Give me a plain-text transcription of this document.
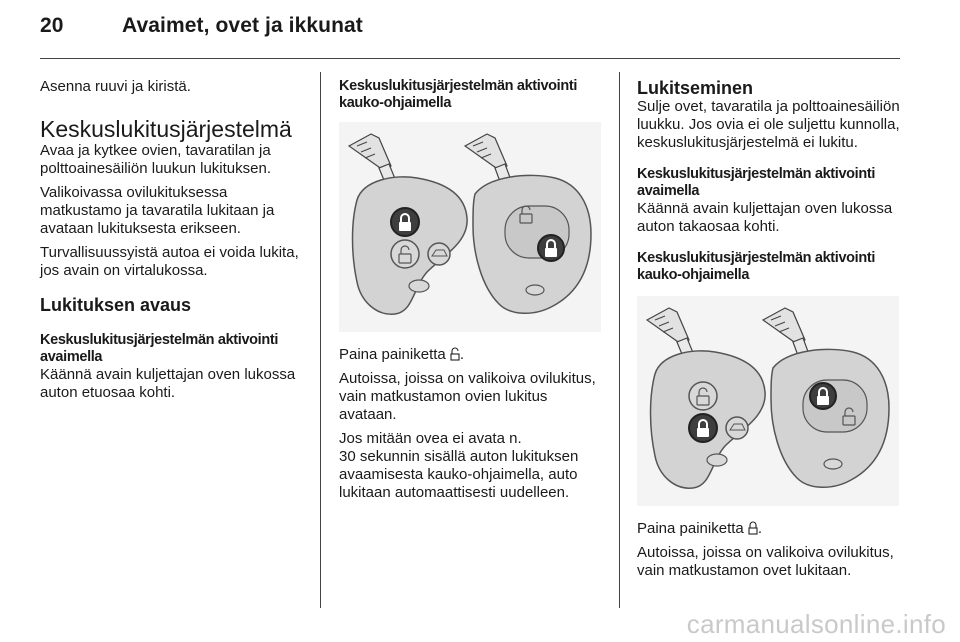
20	Avaimet, ovet ja ikkunat

Asenna ruuvi ja kiristä.

Keskuslukitusjärjestelmä

Avaa ja kytkee ovien, tavaratilan ja polttoainesäiliön luukun lukituksen.

Valikoivassa ovilukituksessa matkustamo ja tavaratila lukitaan ja avataan lukituksesta erikseen.

Turvallisuussyistä autoa ei voida lukita, jos avain on virtalukossa.

Lukituksen avaus
Keskuslukitusjärjestelmän aktivointi avaimella

Käännä avain kuljettajan oven lukossa auton etuosaa kohti.

Keskuslukitusjärjestelmän aktivointi kauko-ohjaimella

Paina painiketta .

Autoissa, joissa on valikoiva ovilukitus, vain matkustamon ovien lukitus avataan.

Jos mitään ovea ei avata n.

30 sekunnin sisällä auton lukituksen avaamisesta kauko-ohjaimella, auto lukitaan automaattisesti uudelleen.

Lukitseminen

Sulje ovet, tavaratila ja polttoainesäiliön luukku. Jos ovia ei ole suljettu kunnolla, keskuslukitusjärjestelmä ei lukitu.

Keskuslukitusjärjestelmän aktivointi avaimella

Käännä avain kuljettajan oven lukossa auton takaosaa kohti.

Keskuslukitusjärjestelmän aktivointi kauko-ohjaimella

Paina painiketta .

Autoissa, joissa on valikoiva ovilukitus, vain matkustamon ovet lukitaan.

carmanualsonline.info
